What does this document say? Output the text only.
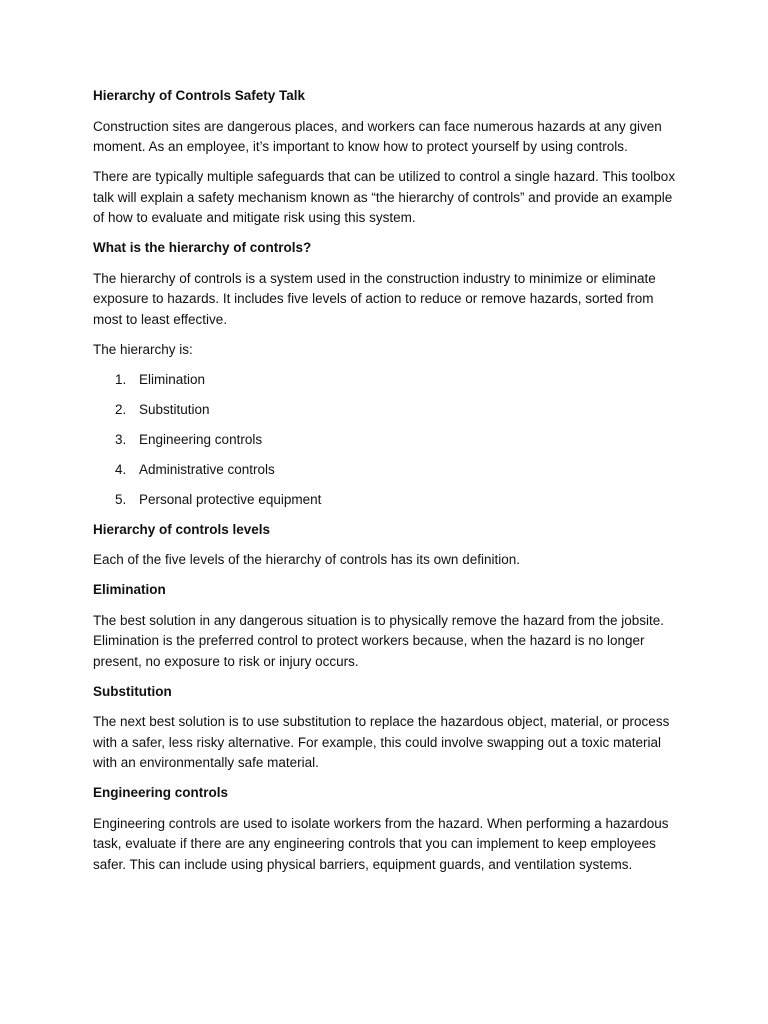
Hierarchy of Controls Safety Talk

Construction sites are dangerous places, and workers can face numerous hazards at any given moment. As an employee, it’s important to know how to protect yourself by using controls.

There are typically multiple safeguards that can be utilized to control a single hazard. This toolbox talk will explain a safety mechanism known as “the hierarchy of controls” and provide an example of how to evaluate and mitigate risk using this system.

What is the hierarchy of controls?

The hierarchy of controls is a system used in the construction industry to minimize or eliminate exposure to hazards. It includes five levels of action to reduce or remove hazards, sorted from most to least effective.

The hierarchy is:

1. Elimination
2. Substitution
3. Engineering controls
4. Administrative controls
5. Personal protective equipment
Hierarchy of controls levels

Each of the five levels of the hierarchy of controls has its own definition.

Elimination

The best solution in any dangerous situation is to physically remove the hazard from the jobsite. Elimination is the preferred control to protect workers because, when the hazard is no longer present, no exposure to risk or injury occurs.

Substitution

The next best solution is to use substitution to replace the hazardous object, material, or process with a safer, less risky alternative. For example, this could involve swapping out a toxic material with an environmentally safe material.

Engineering controls

Engineering controls are used to isolate workers from the hazard. When performing a hazardous task, evaluate if there are any engineering controls that you can implement to keep employees safer. This can include using physical barriers, equipment guards, and ventilation systems.
